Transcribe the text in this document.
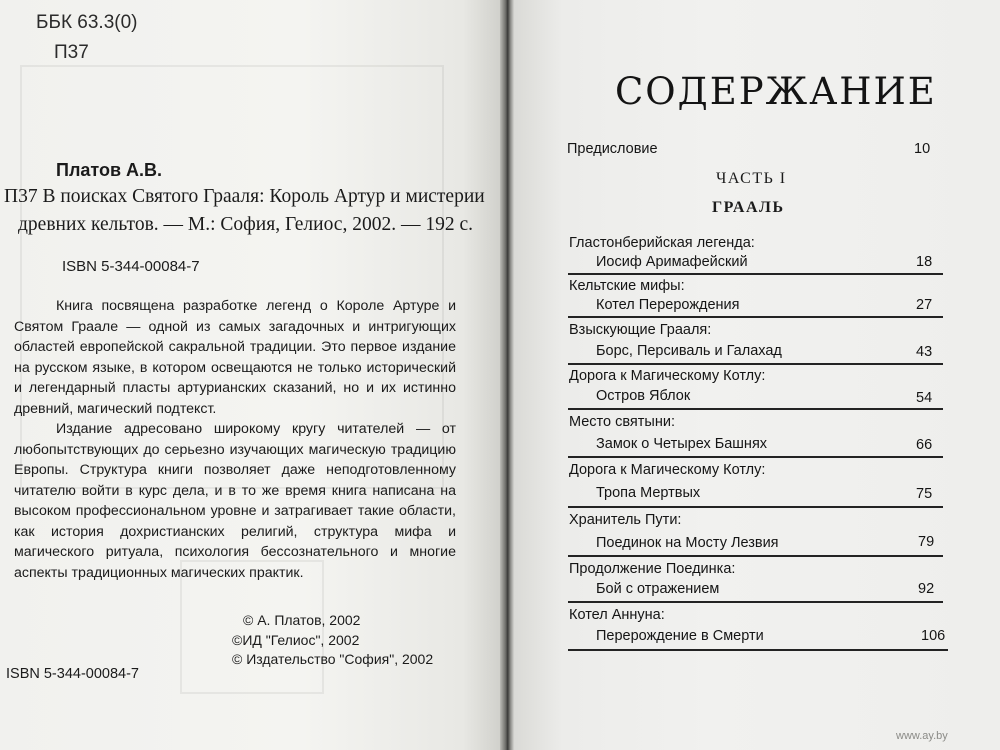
ББК 63.3(0)
П37
Платов А.В.
П37 В поисках Святого Грааля: Король Артур и мистерии
древних кельтов. — М.: София, Гелиос, 2002. — 192 с.
ISBN 5-344-00084-7

Книга посвящена разработке легенд о Короле Артуре и Святом Граале — одной из самых загадочных и интригующих областей европейской сакральной традиции. Это первое издание на русском языке, в котором освещаются не только исторический и легендарный пласты артурианских сказаний, но и их истинно древний, магический подтекст.

Издание адресовано широкому кругу читателей — от любопытствующих до серьезно изучающих магическую традицию Европы. Структура книги позволяет даже неподготовленному читателю войти в курс дела, и в то же время книга написана на высоком профессиональном уровне и затрагивает такие области, как история дохристианских религий, структура мифа и магического ритуала, психология бессознательного и многие аспекты традиционных магических практик.

© А. Платов, 2002
©ИД "Гелиос", 2002
© Издательство "София", 2002
ISBN 5-344-00084-7
СОДЕРЖАНИЕ
Предисловие	10
ЧАСТЬ I
ГРААЛЬ
Гластонберийская легенда:
Иосиф Аримафейский	18
Кельтские мифы:
Котел Перерождения	27
Взыскующие Грааля:
Борс, Персиваль и Галахад	43
Дорога к Магическому Котлу:
Остров Яблок	54
Место святыни:
Замок о Четырех Башнях	66
Дорога к Магическому Котлу:
Тропа Мертвых	75
Хранитель Пути:
Поединок на Мосту Лезвия	79
Продолжение Поединка:
Бой с отражением	92
Котел Аннуна:
Перерождение в Смерти	106
www.ay.by
